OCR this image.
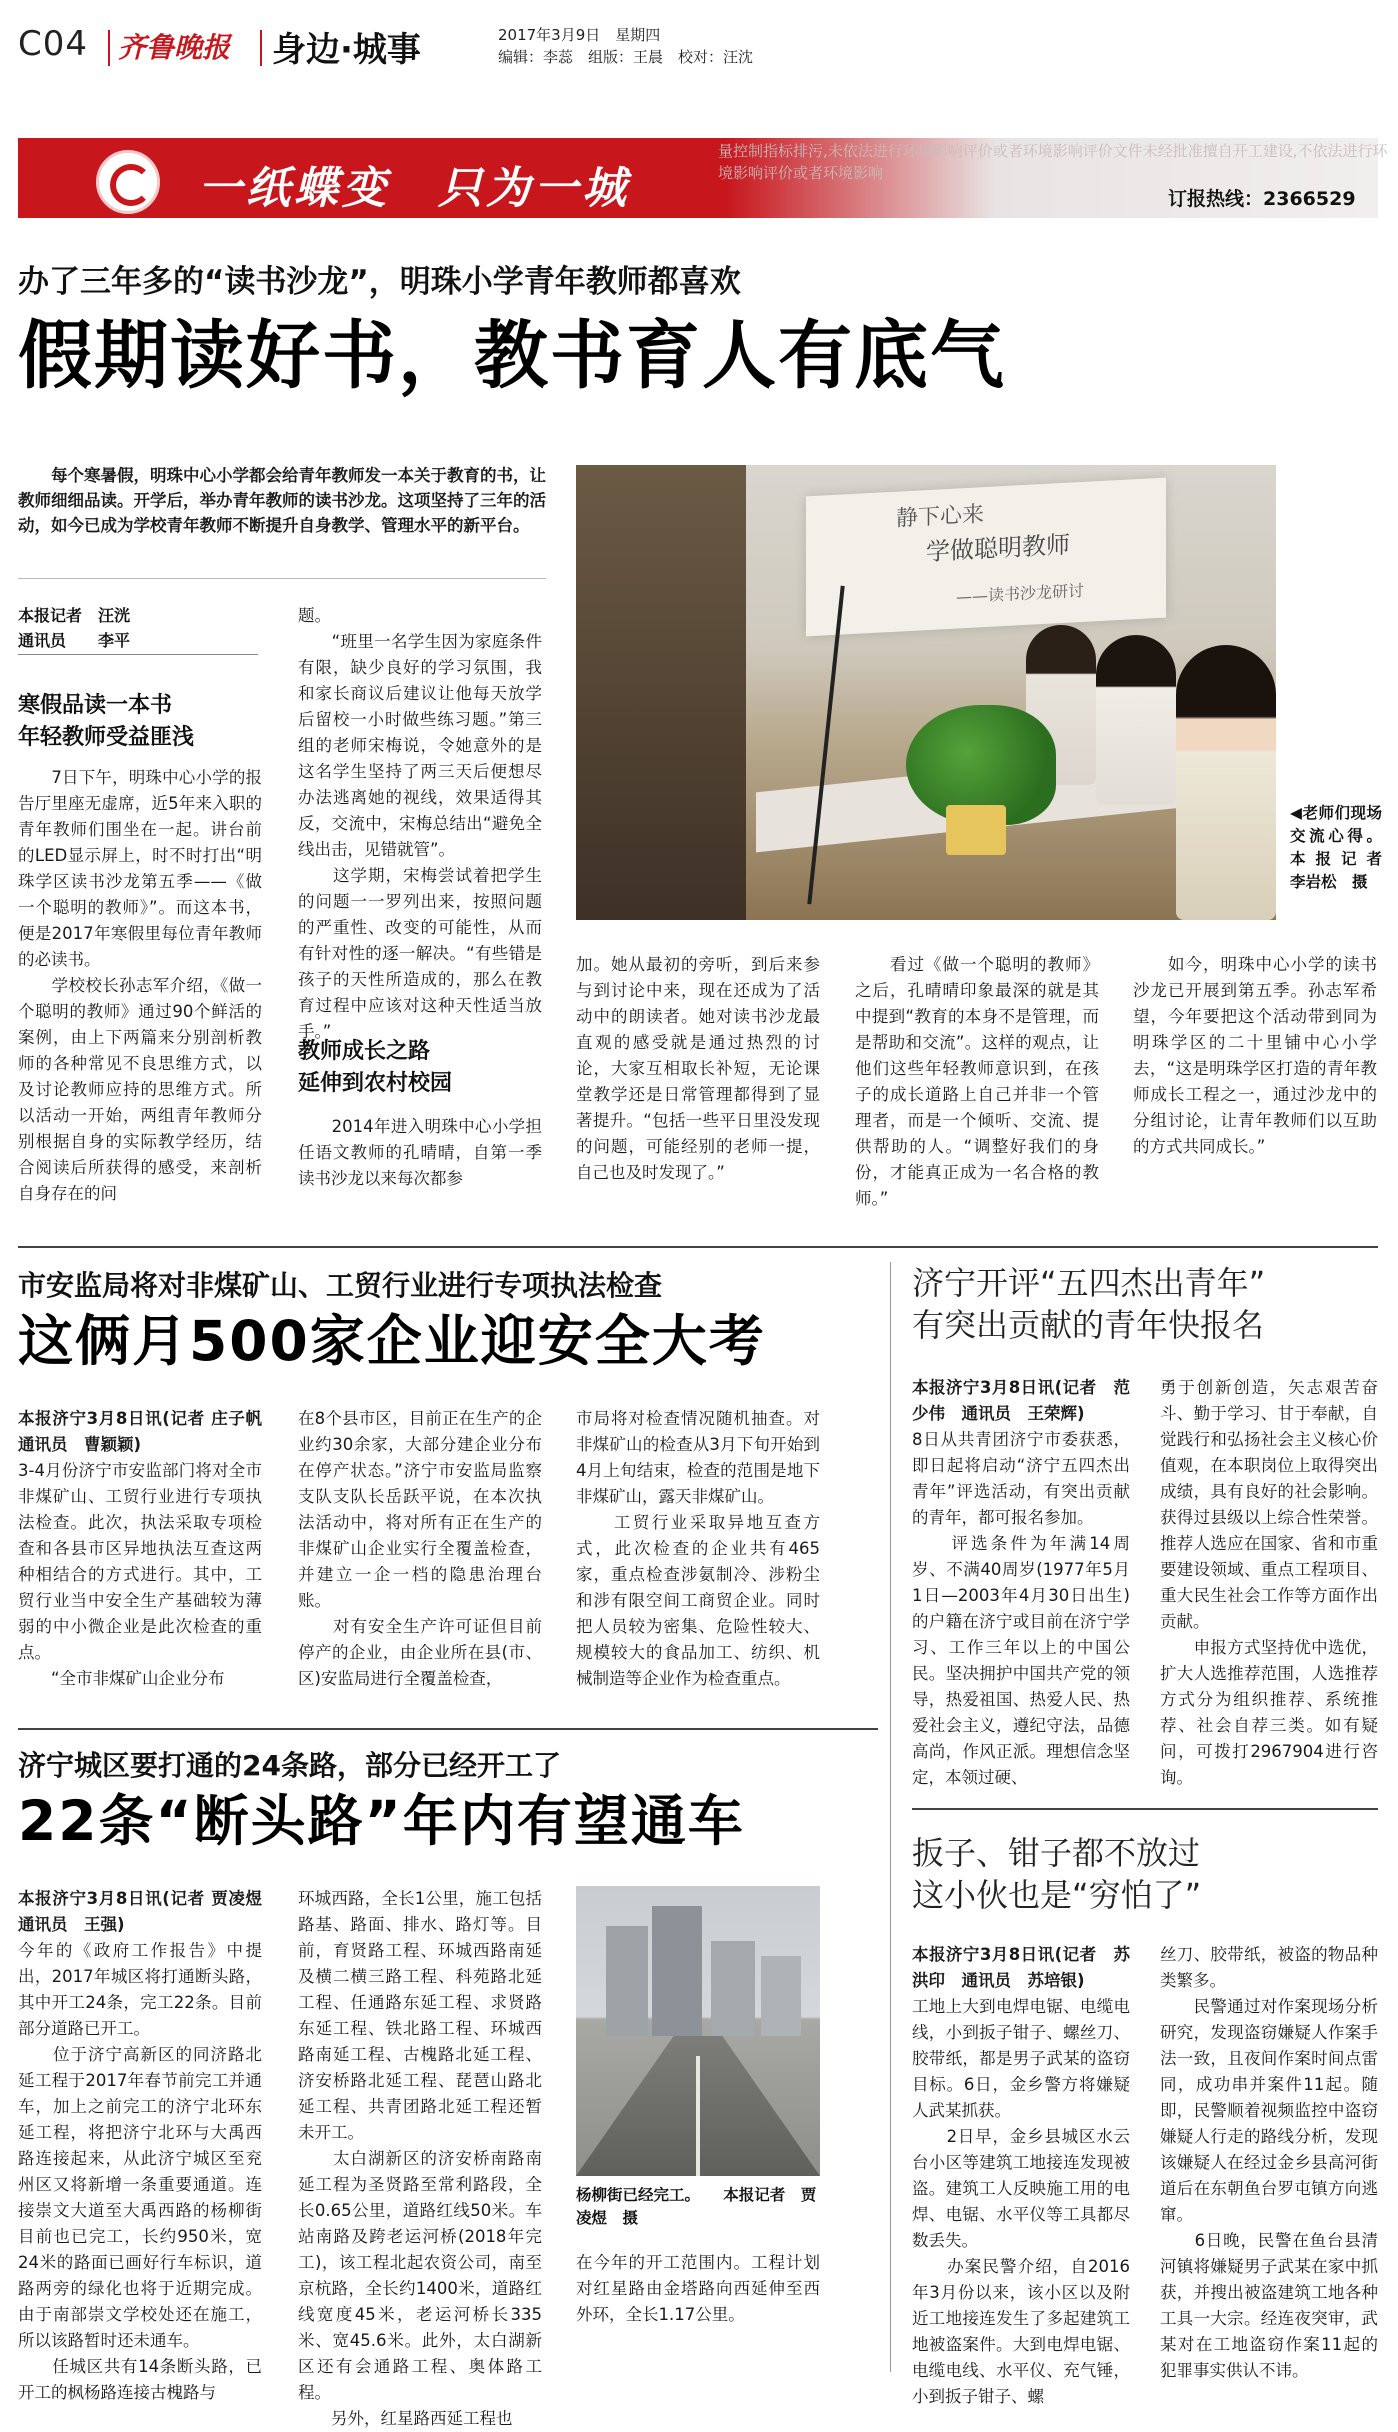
C04 齐鲁晚报 身边·城事	2017年3月9日　星期四
编辑：李蕊　组版：王晨　校对：汪沈
量控制指标排污,未依法进行环境影响评价或者环境影响评价文件未经批准擅自开工建设,不依法进行环境影响评价或者环境影响
一纸蝶变　只为一城	订报热线：2366529
办了三年多的“读书沙龙”，明珠小学青年教师都喜欢
假期读好书，教书育人有底气
　　每个寒暑假，明珠中心小学都会给青年教师发一本关于教育的书，让教师细细品读。开学后，举办青年教师的读书沙龙。这项坚持了三年的活动，如今已成为学校青年教师不断提升自身教学、管理水平的新平台。
本报记者　汪洸
通讯员　　李平
寒假品读一本书
年轻教师受益匪浅
　　7日下午，明珠中心小学的报告厅里座无虚席，近5年来入职的青年教师们围坐在一起。讲台前的LED显示屏上，时不时打出“明珠学区读书沙龙第五季——《做一个聪明的教师》”。而这本书，便是2017年寒假里每位青年教师的必读书。
　　学校校长孙志军介绍，《做一个聪明的教师》通过90个鲜活的案例，由上下两篇来分别剖析教师的各种常见不良思维方式，以及讨论教师应持的思维方式。所以活动一开始，两组青年教师分别根据自身的实际教学经历，结合阅读后所获得的感受，来剖析自身存在的问
题。
　　“班里一名学生因为家庭条件有限，缺少良好的学习氛围，我和家长商议后建议让他每天放学后留校一小时做些练习题。”第三组的老师宋梅说，令她意外的是这名学生坚持了两三天后便想尽办法逃离她的视线，效果适得其反，交流中，宋梅总结出“避免全线出击，见错就管”。
　　这学期，宋梅尝试着把学生的问题一一罗列出来，按照问题的严重性、改变的可能性，从而有针对性的逐一解决。“有些错是孩子的天性所造成的，那么在教育过程中应该对这种天性适当放手。”
教师成长之路
延伸到农村校园
　　2014年进入明珠中心小学担任语文教师的孔晴晴，自第一季读书沙龙以来每次都参
静下心来
学做聪明教师
——读书沙龙研讨
◀老师们现场交流心得。本报记者　李岩松　摄
加。她从最初的旁听，到后来参与到讨论中来，现在还成为了活动中的朗读者。她对读书沙龙最直观的感受就是通过热烈的讨论，大家互相取长补短，无论课堂教学还是日常管理都得到了显著提升。“包括一些平日里没发现的问题，可能经别的老师一提，自己也及时发现了。”
　　看过《做一个聪明的教师》之后，孔晴晴印象最深的就是其中提到“教育的本身不是管理，而是帮助和交流”。这样的观点，让他们这些年轻教师意识到，在孩子的成长道路上自己并非一个管理者，而是一个倾听、交流、提供帮助的人。“调整好我们的身份，才能真正成为一名合格的教师。”
　　如今，明珠中心小学的读书沙龙已开展到第五季。孙志军希望，今年要把这个活动带到同为明珠学区的二十里铺中心小学去，“这是明珠学区打造的青年教师成长工程之一，通过沙龙中的分组讨论，让青年教师们以互助的方式共同成长。”
市安监局将对非煤矿山、工贸行业进行专项执法检查
这俩月500家企业迎安全大考
本报济宁3月8日讯(记者 庄子帆　通讯员　曹颖颖)
3-4月份济宁市安监部门将对全市非煤矿山、工贸行业进行专项执法检查。此次，执法采取专项检查和各县市区异地执法互查这两种相结合的方式进行。其中，工贸行业当中安全生产基础较为薄弱的中小微企业是此次检查的重点。
　　“全市非煤矿山企业分布
在8个县市区，目前正在生产的企业约30余家，大部分建企业分布在停产状态。”济宁市安监局监察支队支队长岳跃平说，在本次执法活动中，将对所有正在生产的非煤矿山企业实行全覆盖检查，并建立一企一档的隐患治理台账。
　　对有安全生产许可证但目前停产的企业，由企业所在县(市、区)安监局进行全覆盖检查，
市局将对检查情况随机抽查。对非煤矿山的检查从3月下旬开始到4月上旬结束，检查的范围是地下非煤矿山，露天非煤矿山。
　　工贸行业采取异地互查方式，此次检查的企业共有465家，重点检查涉氨制冷、涉粉尘和涉有限空间工商贸企业。同时把人员较为密集、危险性较大、规模较大的食品加工、纺织、机械制造等企业作为检查重点。
济宁开评“五四杰出青年”
有突出贡献的青年快报名
本报济宁3月8日讯(记者　范少伟　通讯员　王荣辉)
8日从共青团济宁市委获悉，即日起将启动“济宁五四杰出青年”评选活动，有突出贡献的青年，都可报名参加。
　　评选条件为年满14周岁、不满40周岁(1977年5月1日—2003年4月30日出生)的户籍在济宁或目前在济宁学习、工作三年以上的中国公民。坚决拥护中国共产党的领导，热爱祖国、热爱人民、热爱社会主义，遵纪守法，品德高尚，作风正派。理想信念坚定，本领过硬、
勇于创新创造，矢志艰苦奋斗、勤于学习、甘于奉献，自觉践行和弘扬社会主义核心价值观，在本职岗位上取得突出成绩，具有良好的社会影响。获得过县级以上综合性荣誉。推荐人选应在国家、省和市重要建设领域、重点工程项目、重大民生社会工作等方面作出贡献。
　　申报方式坚持优中选优，扩大人选推荐范围，人选推荐方式分为组织推荐、系统推荐、社会自荐三类。如有疑问，可拨打2967904进行咨询。
济宁城区要打通的24条路，部分已经开工了
22条“断头路”年内有望通车
本报济宁3月8日讯(记者 贾凌煜　通讯员　王强)
今年的《政府工作报告》中提出，2017年城区将打通断头路，其中开工24条，完工22条。目前部分道路已开工。
　　位于济宁高新区的同济路北延工程于2017年春节前完工并通车，加上之前完工的济宁北环东延工程，将把济宁北环与大禹西路连接起来，从此济宁城区至兖州区又将新增一条重要通道。连接崇文大道至大禹西路的杨柳街目前也已完工，长约950米，宽24米的路面已画好行车标识，道路两旁的绿化也将于近期完成。由于南部崇文学校处还在施工，所以该路暂时还未通车。
　　任城区共有14条断头路，已开工的枫杨路连接古槐路与
环城西路，全长1公里，施工包括路基、路面、排水、路灯等。目前，育贤路工程、环城西路南延及横二横三路工程、科苑路北延工程、任通路东延工程、求贤路东延工程、铁北路工程、环城西路南延工程、古槐路北延工程、济安桥路北延工程、琵琶山路北延工程、共青团路北延工程还暂未开工。
　　太白湖新区的济安桥南路南延工程为圣贤路至常利路段，全长0.65公里，道路红线50米。车站南路及跨老运河桥(2018年完工)，该工程北起农资公司，南至京杭路，全长约1400米，道路红线宽度45米，老运河桥长335米、宽45.6米。此外，太白湖新区还有会通路工程、奥体路工程。
　　另外，红星路西延工程也
杨柳街已经完工。　　本报记者　贾凌煜　摄
在今年的开工范围内。工程计划对红星路由金塔路向西延伸至西外环，全长1.17公里。
扳子、钳子都不放过
这小伙也是“穷怕了”
本报济宁3月8日讯(记者　苏洪印　通讯员　苏培银)
工地上大到电焊电锯、电缆电线，小到扳子钳子、螺丝刀、胶带纸，都是男子武某的盗窃目标。6日，金乡警方将嫌疑人武某抓获。
　　2日早，金乡县城区水云台小区等建筑工地接连发现被盗。建筑工人反映施工用的电焊、电锯、水平仪等工具都尽数丢失。
　　办案民警介绍，自2016年3月份以来，该小区以及附近工地接连发生了多起建筑工地被盗案件。大到电焊电锯、电缆电线、水平仪、充气锤，小到扳子钳子、螺
丝刀、胶带纸，被盗的物品种类繁多。
　　民警通过对作案现场分析研究，发现盗窃嫌疑人作案手法一致，且夜间作案时间点雷同，成功串并案件11起。随即，民警顺着视频监控中盗窃嫌疑人行走的路线分析，发现该嫌疑人在经过金乡县高河街道后在东朝鱼台罗屯镇方向逃窜。
　　6日晚，民警在鱼台县清河镇将嫌疑男子武某在家中抓获，并搜出被盗建筑工地各种工具一大宗。经连夜突审，武某对在工地盗窃作案11起的犯罪事实供认不讳。
